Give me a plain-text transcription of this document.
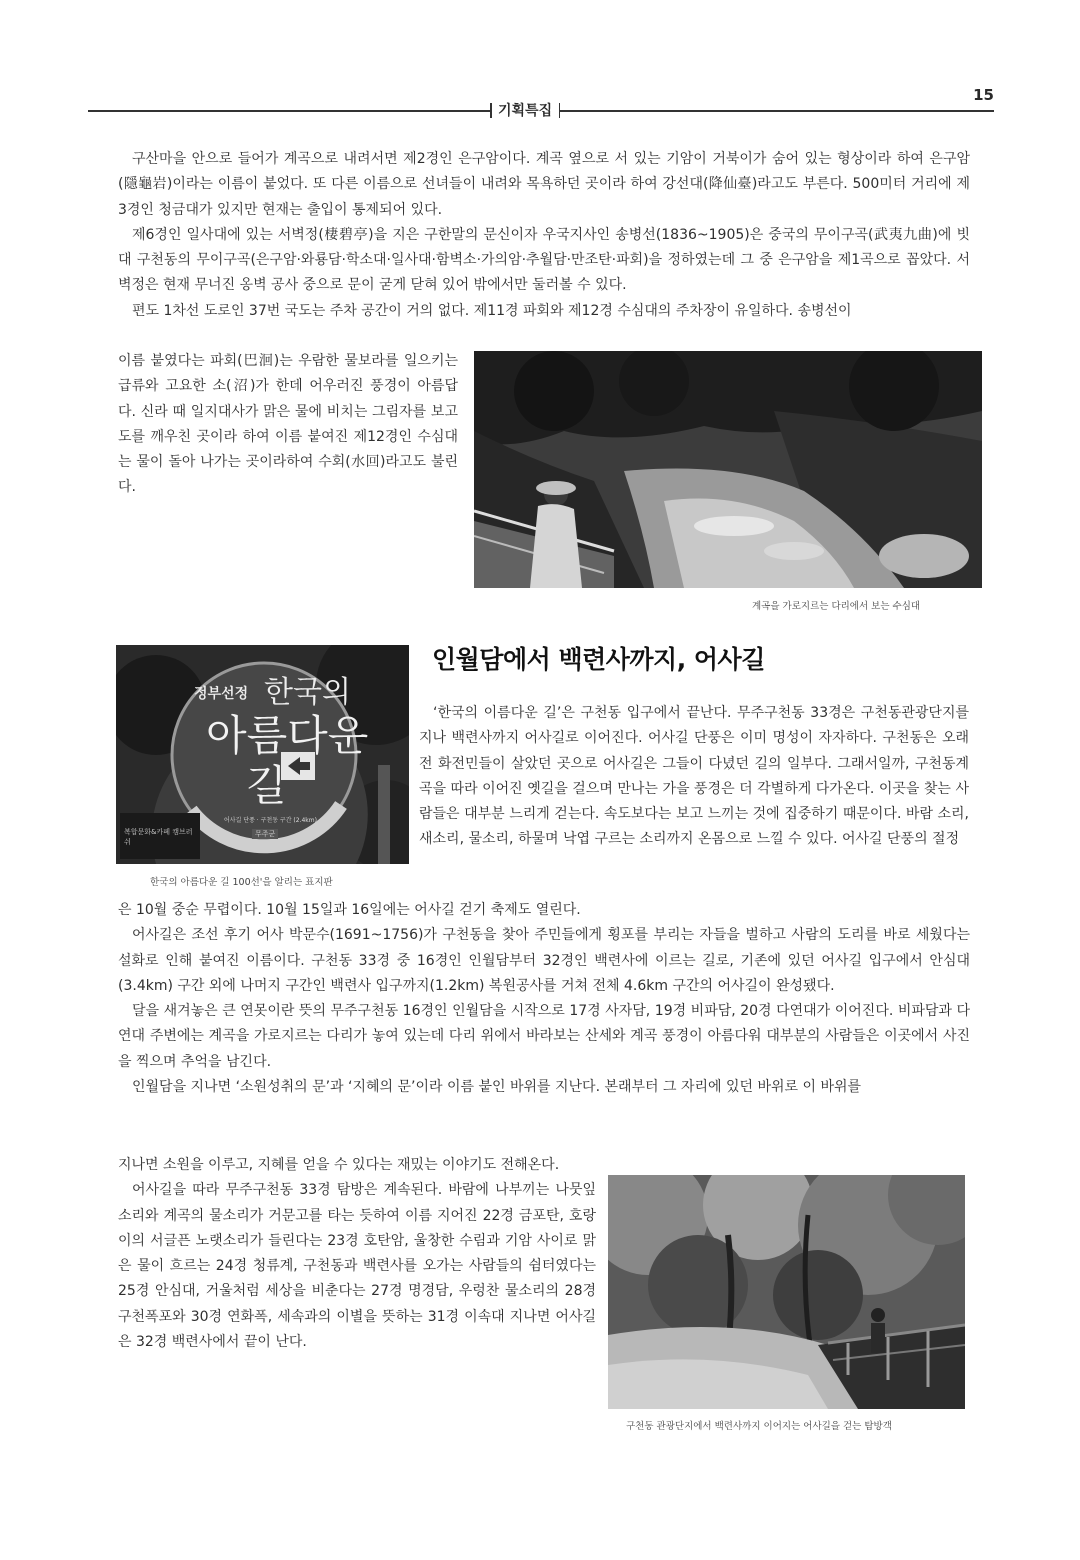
15
기획특집

구산마을 안으로 들어가 계곡으로 내려서면 제2경인 은구암이다. 계곡 옆으로 서 있는 기암이 거북이가 숨어 있는 형상이라 하여 은구암(隱龜岩)이라는 이름이 붙었다. 또 다른 이름으로 선녀들이 내려와 목욕하던 곳이라 하여 강선대(降仙臺)라고도 부른다. 500미터 거리에 제3경인 청금대가 있지만 현재는 출입이 통제되어 있다.

제6경인 일사대에 있는 서벽정(棲碧亭)을 지은 구한말의 문신이자 우국지사인 송병선(1836~1905)은 중국의 무이구곡(武夷九曲)에 빗대 구천동의 무이구곡(은구암·와룡담·학소대·일사대·함벽소·가의암·추월담·만조탄·파회)을 정하였는데 그 중 은구암을 제1곡으로 꼽았다. 서벽정은 현재 무너진 옹벽 공사 중으로 문이 굳게 닫혀 있어 밖에서만 둘러볼 수 있다.

편도 1차선 도로인 37번 국도는 주차 공간이 거의 없다. 제11경 파회와 제12경 수심대의 주차장이 유일하다. 송병선이

이름 붙였다는 파회(巴洄)는 우람한 물보라를 일으키는 급류와 고요한 소(沼)가 한데 어우러진 풍경이 아름답다. 신라 때 일지대사가 맑은 물에 비치는 그림자를 보고 도를 깨우친 곳이라 하여 이름 붙여진 제12경인 수심대는 물이 돌아 나가는 곳이라하여 수회(水回)라고도 불린다.

계곡을 가로지르는 다리에서 보는 수심대
정부선정 한국의
아름다운
길
어사길 단풍 · 구천동 구간 (2.4km)
복합문화&카페 캠브러쉬
무주군
한국의 아름다운 길 100선'을 알리는 표지판
인월담에서 백련사까지, 어사길

‘한국의 이름다운 길’은 구천동 입구에서 끝난다. 무주구천동 33경은 구천동관광단지를 지나 백련사까지 어사길로 이어진다. 어사길 단풍은 이미 명성이 자자하다. 구천동은 오래전 화전민들이 살았던 곳으로 어사길은 그들이 다녔던 길의 일부다. 그래서일까, 구천동계곡을 따라 이어진 옛길을 걸으며 만나는 가을 풍경은 더 각별하게 다가온다. 이곳을 찾는 사람들은 대부분 느리게 걷는다. 속도보다는 보고 느끼는 것에 집중하기 때문이다. 바람 소리, 새소리, 물소리, 하물며 낙엽 구르는 소리까지 온몸으로 느낄 수 있다. 어사길 단풍의 절정

은 10월 중순 무렵이다. 10월 15일과 16일에는 어사길 걷기 축제도 열린다.

어사길은 조선 후기 어사 박문수(1691~1756)가 구천동을 찾아 주민들에게 횡포를 부리는 자들을 벌하고 사람의 도리를 바로 세웠다는 설화로 인해 붙여진 이름이다. 구천동 33경 중 16경인 인월담부터 32경인 백련사에 이르는 길로, 기존에 있던 어사길 입구에서 안심대(3.4km) 구간 외에 나머지 구간인 백련사 입구까지(1.2km) 복원공사를 거쳐 전체 4.6km 구간의 어사길이 완성됐다.

달을 새겨놓은 큰 연못이란 뜻의 무주구천동 16경인 인월담을 시작으로 17경 사자담, 19경 비파담, 20경 다연대가 이어진다. 비파담과 다연대 주변에는 계곡을 가로지르는 다리가 놓여 있는데 다리 위에서 바라보는 산세와 계곡 풍경이 아름다워 대부분의 사람들은 이곳에서 사진을 찍으며 추억을 남긴다.

인월담을 지나면 ‘소원성취의 문’과 ‘지혜의 문’이라 이름 붙인 바위를 지난다. 본래부터 그 자리에 있던 바위로 이 바위를

지나면 소원을 이루고, 지혜를 얻을 수 있다는 재밌는 이야기도 전해온다.

어사길을 따라 무주구천동 33경 탐방은 계속된다. 바람에 나부끼는 나뭇잎 소리와 계곡의 물소리가 거문고를 타는 듯하여 이름 지어진 22경 금포탄, 호랑이의 서글픈 노랫소리가 들린다는 23경 호탄암, 울창한 수림과 기암 사이로 맑은 물이 흐르는 24경 청류계, 구천동과 백련사를 오가는 사람들의 쉼터였다는 25경 안심대, 거울처럼 세상을 비춘다는 27경 명경담, 우렁찬 물소리의 28경 구천폭포와 30경 연화폭, 세속과의 이별을 뜻하는 31경 이속대 지나면 어사길은 32경 백련사에서 끝이 난다.

구천동 관광단지에서 백련사까지 이어지는 어사길을 걷는 탐방객
